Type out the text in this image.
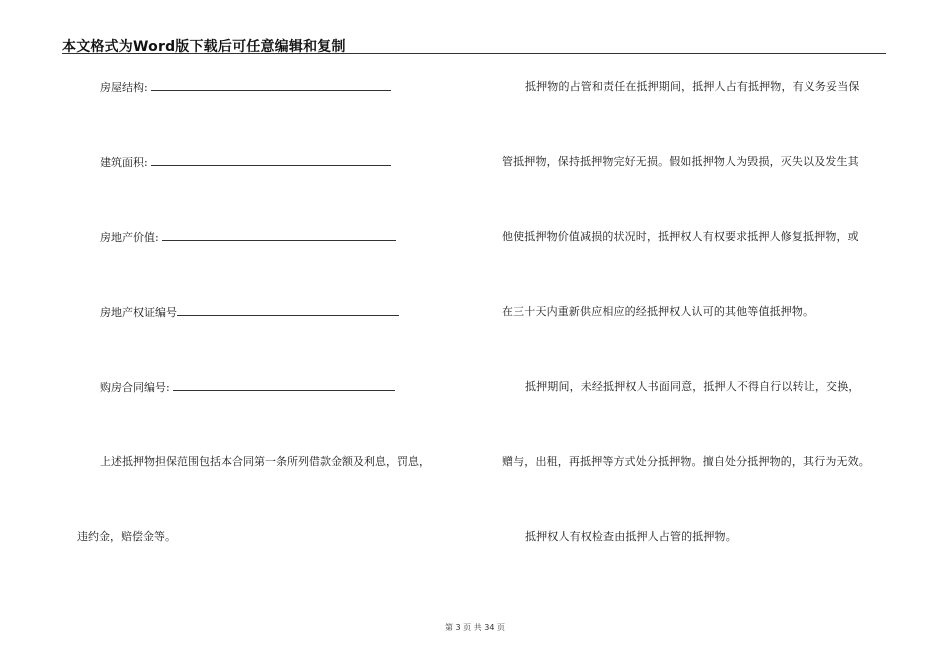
本文格式为Word版下载后可任意编辑和复制
房屋结构:
建筑面积:
房地产价值:
房地产权证编号
购房合同编号:
上述抵押物担保范围包括本合同第一条所列借款金额及利息，罚息，
违约金，赔偿金等。
抵押物的占管和责任在抵押期间，抵押人占有抵押物，有义务妥当保
管抵押物，保持抵押物完好无损。假如抵押物人为毁损，灭失以及发生其
他使抵押物价值减损的状况时，抵押权人有权要求抵押人修复抵押物，或
在三十天内重新供应相应的经抵押权人认可的其他等值抵押物。
抵押期间，未经抵押权人书面同意，抵押人不得自行以转让，交换，
赠与，出租，再抵押等方式处分抵押物。擅自处分抵押物的，其行为无效。
抵押权人有权检查由抵押人占管的抵押物。
第 3 页 共 34 页
